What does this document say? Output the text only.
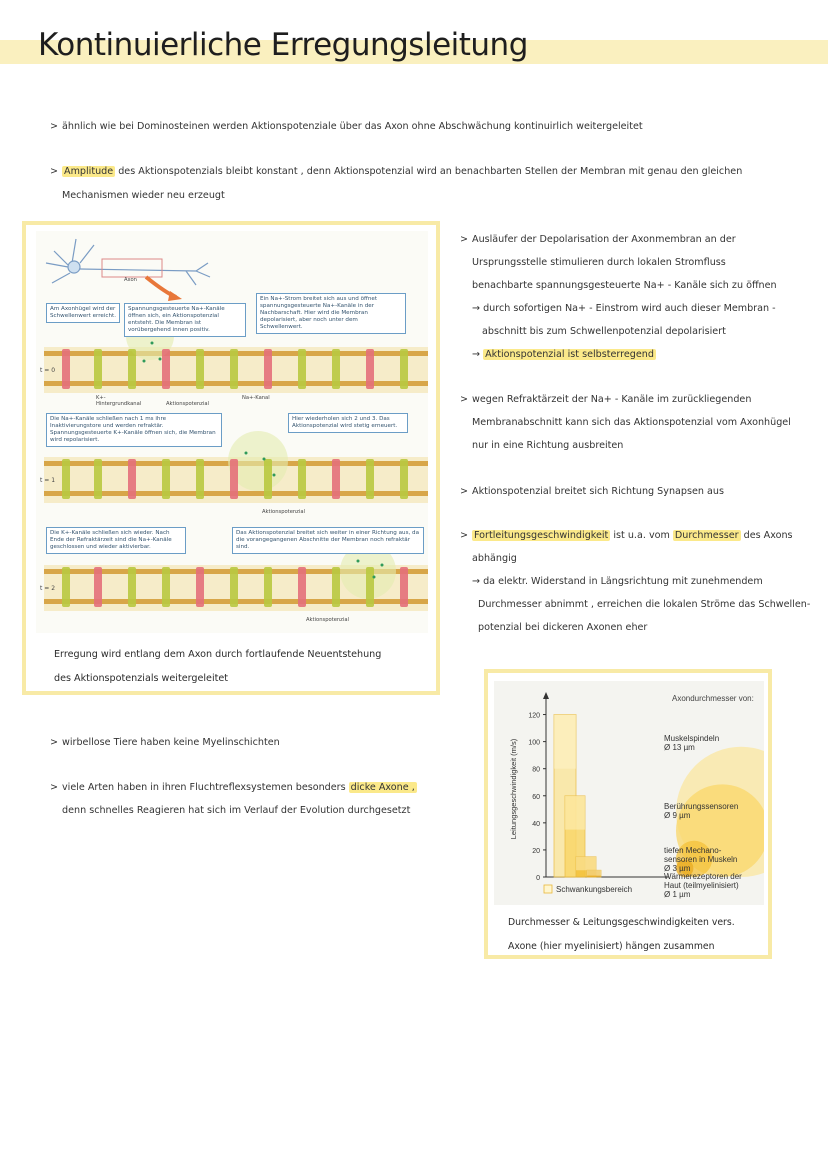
Kontinuierliche Erregungsleitung
> ähnlich wie bei Dominosteinen werden Aktionspotenziale über das Axon ohne Abschwächung kontinuirlich weitergeleitet
> Amplitude des Aktionspotenzials bleibt konstant , denn Aktionspotenzial wird an benachbarten Stellen der Membran mit genau den gleichen
Mechanismen wieder neu erzeugt
Axon
Am Axonhügel wird der Schwellenwert erreicht.
Spannungsgesteuerte Na+-Kanäle öffnen sich, ein Aktionspotenzial entsteht. Die Membran ist vorübergehend innen positiv.
Ein Na+-Strom breitet sich aus und öffnet spannungsgesteuerte Na+-Kanäle in der Nachbarschaft. Hier wird die Membran depolarisiert, aber noch unter dem Schwellenwert.
t = 0
K+-Hintergrundkanal	Aktionspotenzial
Na+-Kanal
Die Na+-Kanäle schließen nach 1 ms ihre Inaktivierungstore und werden refraktär. Spannungsgesteuerte K+-Kanäle öffnen sich, die Membran wird repolarisiert.
Hier wiederholen sich 2 und 3. Das Aktionspotenzial wird stetig erneuert.
t = 1
Aktionspotenzial
Die K+-Kanäle schließen sich wieder. Nach Ende der Refraktärzeit sind die Na+-Kanäle geschlossen und wieder aktivierbar.
Das Aktionspotenzial breitet sich weiter in einer Richtung aus, da die vorangegangenen Abschnitte der Membran noch refraktär sind.
t = 2
Aktionspotenzial
Erregung wird entlang dem Axon durch fortlaufende Neuentstehung
des Aktionspotenzials weitergeleitet
> Ausläufer der Depolarisation der Axonmembran an der
Ursprungsstelle stimulieren durch lokalen Stromfluss
benachbarte spannungsgesteuerte Na+ - Kanäle sich zu öffnen
→ durch sofortigen Na+ - Einstrom wird auch dieser Membran -
abschnitt bis zum Schwellenpotenzial depolarisiert
→ Aktionspotenzial ist selbsterregend
> wegen Refraktärzeit der Na+ - Kanäle im zurückliegenden
Membranabschnitt kann sich das Aktionspotenzial vom Axonhügel
nur in eine Richtung ausbreiten
> Aktionspotenzial breitet sich Richtung Synapsen aus
> Fortleitungsgeschwindigkeit ist u.a. vom Durchmesser des Axons
abhängig
→ da elektr. Widerstand in Längsrichtung mit zunehmendem
Durchmesser abnimmt , erreichen die lokalen Ströme das Schwellen-
potenzial bei dickeren Axonen eher
> wirbellose Tiere haben keine Myelinschichten
> viele Arten haben in ihren Fluchtreflexsystemen besonders dicke Axone ,
denn schnelles Reagieren hat sich im Verlauf der Evolution durchgesetzt
0
20
40
60
80
100
120
Leitungsgeschwindigkeit (m/s)
Axondurchmesser von:
Muskelspindeln
Ø 13 µm
Berührungssensoren
Ø 9 µm
tiefen Mechano-sensoren in Muskeln
Ø 3 µm
Wärmerezeptoren der Haut (teilmyelinisiert)
Ø 1 µm
Schwankungsbereich
Durchmesser & Leitungsgeschwindigkeiten vers.
Axone (hier myelinisiert) hängen zusammen
